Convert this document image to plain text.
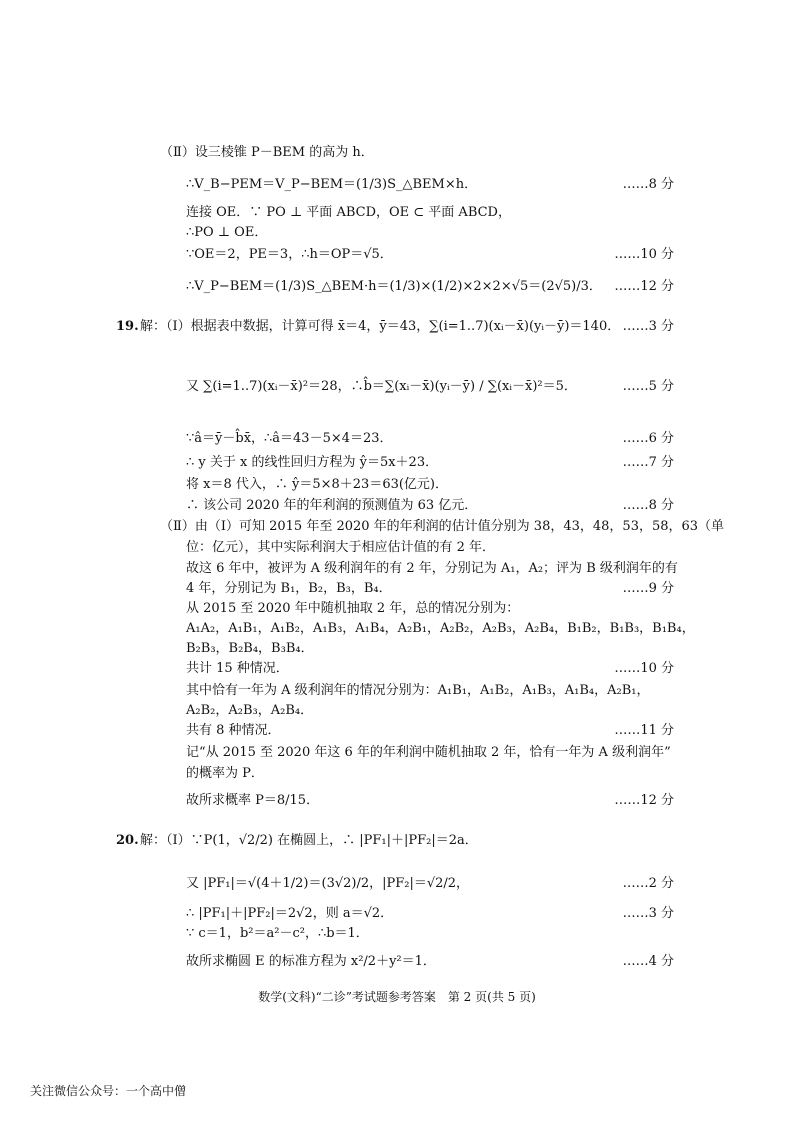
（Ⅱ）设三棱锥 P－BEM 的高为 h．
∴V_B−PEM＝V_P−BEM＝(1/3)S_△BEM×h．	……8 分
连接 OE．∵ PO ⊥ 平面 ABCD，OE ⊂ 平面 ABCD，
∴PO ⊥ OE．
∵OE＝2，PE＝3，∴h＝OP＝√5．	……10 分
∴V_P−BEM＝(1/3)S_△BEM·h＝(1/3)×(1/2)×2×2×√5＝(2√5)/3． ……12 分
19. 解：（Ⅰ）根据表中数据，计算可得 x̄＝4，ȳ＝43，∑(i=1..7)(xᵢ－x̄)(yᵢ－ȳ)＝140． ……3 分
又 ∑(i=1..7)(xᵢ－x̄)²＝28，∴b̂＝∑(xᵢ－x̄)(yᵢ－ȳ) / ∑(xᵢ－x̄)²＝5．	……5 分
∵â＝ȳ－b̂x̄，∴â＝43－5×4＝23．	……6 分
∴ y 关于 x 的线性回归方程为 ŷ＝5x＋23．	……7 分
将 x＝8 代入，∴ ŷ＝5×8＋23＝63(亿元)．
∴ 该公司 2020 年的年利润的预测值为 63 亿元．	……8 分
（Ⅱ）由（Ⅰ）可知 2015 年至 2020 年的年利润的估计值分别为 38，43，48，53，58，63（单
位：亿元），其中实际利润大于相应估计值的有 2 年．
故这 6 年中，被评为 A 级利润年的有 2 年，分别记为 A₁，A₂；评为 B 级利润年的有
4 年，分别记为 B₁，B₂，B₃，B₄．	……9 分
从 2015 至 2020 年中随机抽取 2 年，总的情况分别为：
A₁A₂，A₁B₁，A₁B₂，A₁B₃，A₁B₄，A₂B₁，A₂B₂，A₂B₃，A₂B₄，B₁B₂，B₁B₃，B₁B₄，
B₂B₃，B₂B₄，B₃B₄．
共计 15 种情况．	……10 分
其中恰有一年为 A 级利润年的情况分别为：A₁B₁，A₁B₂，A₁B₃，A₁B₄，A₂B₁，
A₂B₂，A₂B₃，A₂B₄．
共有 8 种情况．	……11 分
记“从 2015 至 2020 年这 6 年的年利润中随机抽取 2 年，恰有一年为 A 级利润年”
的概率为 P．
故所求概率 P＝8/15．	……12 分
20. 解：（Ⅰ）∵P(1，√2/2) 在椭圆上，∴ |PF₁|＋|PF₂|＝2a．
又 |PF₁|＝√(4＋1/2)＝(3√2)/2，|PF₂|＝√2/2，	……2 分
∴ |PF₁|＋|PF₂|＝2√2，则 a＝√2．	……3 分
∵ c＝1，b²＝a²－c²，∴b＝1．
故所求椭圆 E 的标准方程为 x²/2＋y²＝1．	……4 分
数学(文科)“二诊”考试题参考答案　第 2 页(共 5 页)
关注微信公众号：一个高中僧
